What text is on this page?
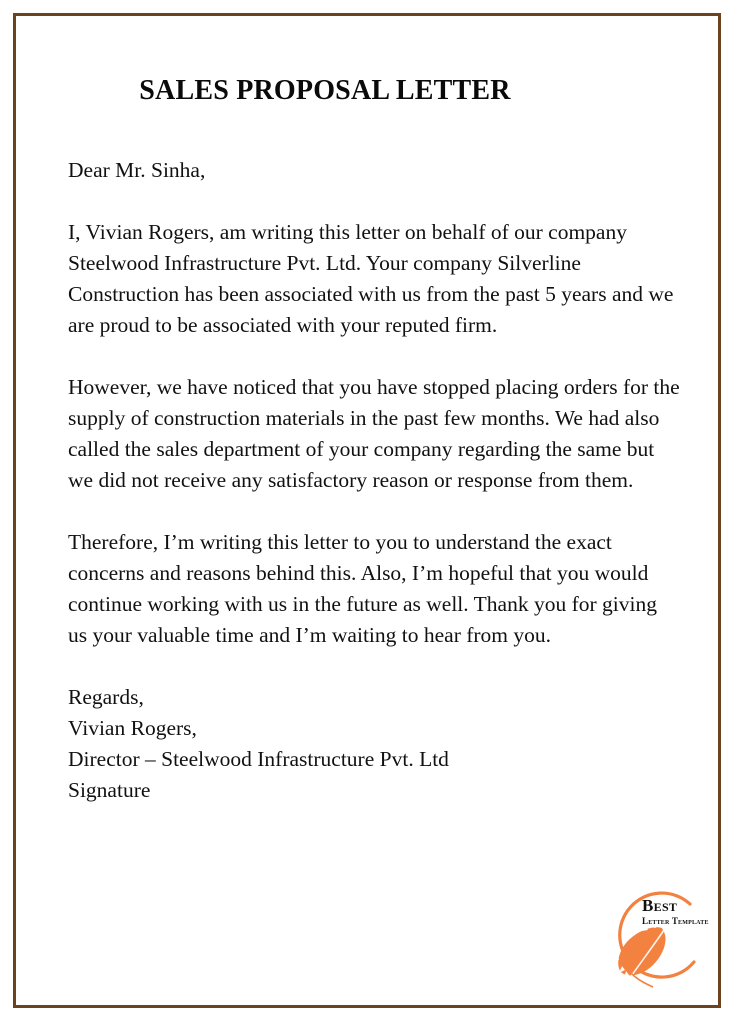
SALES PROPOSAL LETTER

Dear Mr. Sinha,

I, Vivian Rogers, am writing this letter on behalf of our company Steelwood Infrastructure Pvt. Ltd. Your company Silverline Construction has been associated with us from the past 5 years and we are proud to be associated with your reputed firm.

However, we have noticed that you have stopped placing orders for the supply of construction materials in the past few months. We had also called the sales department of your company regarding the same but we did not receive any satisfactory reason or response from them.

Therefore, I’m writing this letter to you to understand the exact concerns and reasons behind this. Also, I’m hopeful that you would continue working with us in the future as well. Thank you for giving us your valuable time and I’m waiting to hear from you.

Regards,
Vivian Rogers,
Director – Steelwood Infrastructure Pvt. Ltd
Signature
Best
Letter Template
